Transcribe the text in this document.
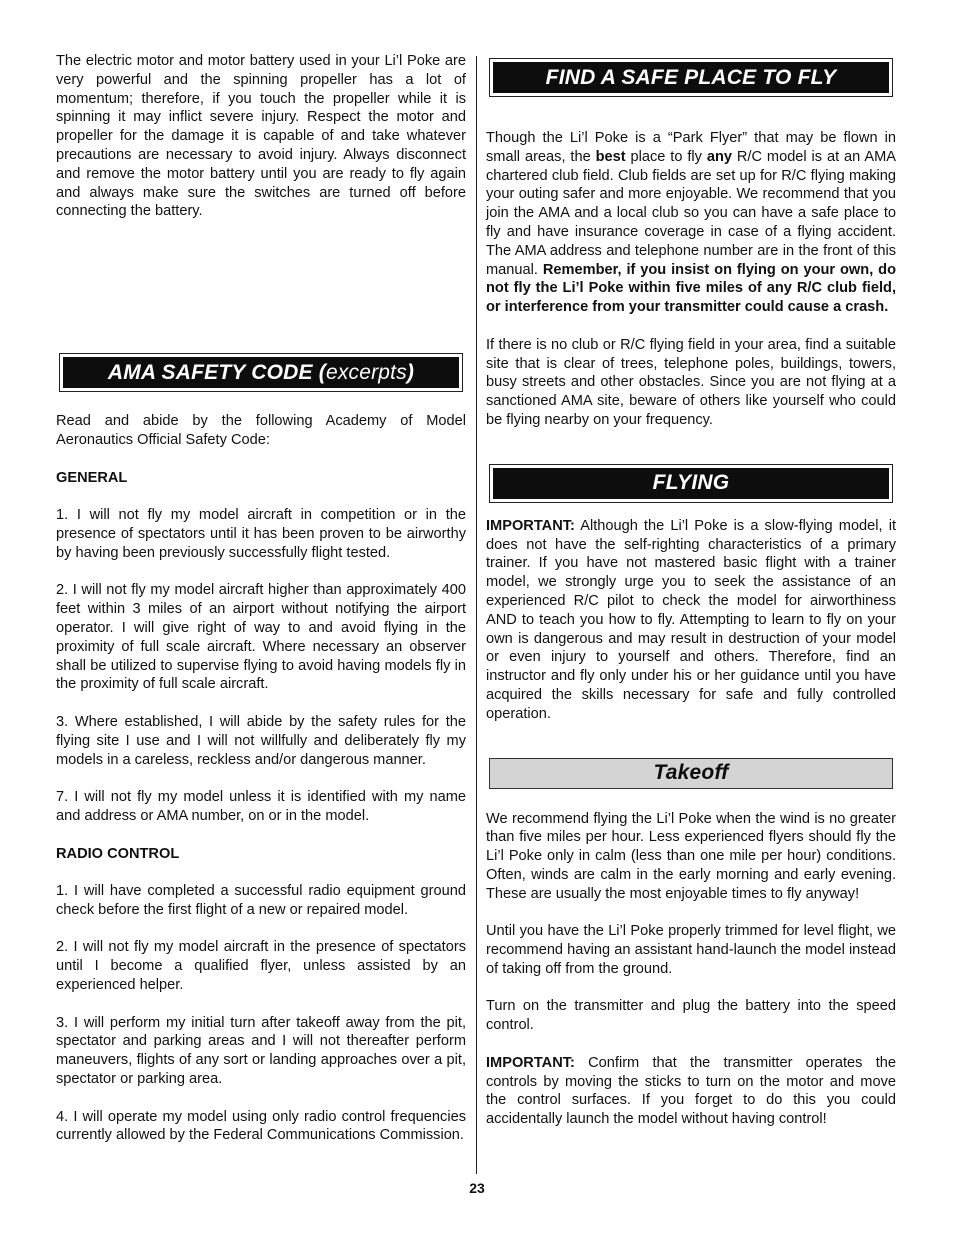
The electric motor and motor battery used in your Li’l Poke are very powerful and the spinning propeller has a lot of momentum; therefore, if you touch the propeller while it is spinning it may inflict severe injury. Respect the motor and propeller for the damage it is capable of and take whatever precautions are necessary to avoid injury. Always disconnect and remove the motor battery until you are ready to fly again and always make sure the switches are turned off before connecting the battery.

AMA SAFETY CODE ( excerpts )

Read and abide by the following Academy of Model Aeronautics Official Safety Code:

GENERAL

1. I will not fly my model aircraft in competition or in the presence of spectators until it has been proven to be airworthy by having been previously successfully flight tested.

2. I will not fly my model aircraft higher than approximately 400 feet within 3 miles of an airport without notifying the airport operator. I will give right of way to and avoid flying in the proximity of full scale aircraft. Where necessary an observer shall be utilized to supervise flying to avoid having models fly in the proximity of full scale aircraft.

3. Where established, I will abide by the safety rules for the flying site I use and I will not willfully and deliberately fly my models in a careless, reckless and/or dangerous manner.

7. I will not fly my model unless it is identified with my name and address or AMA number, on or in the model.

RADIO CONTROL

1. I will have completed a successful radio equipment ground check before the first flight of a new or repaired model.

2. I will not fly my model aircraft in the presence of spectators until I become a qualified flyer, unless assisted by an experienced helper.

3. I will perform my initial turn after takeoff away from the pit, spectator and parking areas and I will not thereafter perform maneuvers, flights of any sort or landing approaches over a pit, spectator or parking area.

4. I will operate my model using only radio control frequencies currently allowed by the Federal Communications Commission.

FIND A SAFE PLACE TO FLY

Though the Li’l Poke is a “Park Flyer” that may be flown in small areas, the best place to fly any R/C model is at an AMA chartered club field. Club fields are set up for R/C flying making your outing safer and more enjoyable. We recommend that you join the AMA and a local club so you can have a safe place to fly and have insurance coverage in case of a flying accident. The AMA address and telephone number are in the front of this manual. Remember, if you insist on flying on your own, do not fly the Li’l Poke within five miles of any R/C club field, or interference from your transmitter could cause a crash.

If there is no club or R/C flying field in your area, find a suitable site that is clear of trees, telephone poles, buildings, towers, busy streets and other obstacles. Since you are not flying at a sanctioned AMA site, beware of others like yourself who could be flying nearby on your frequency.

FLYING

IMPORTANT: Although the Li’l Poke is a slow-flying model, it does not have the self-righting characteristics of a primary trainer. If you have not mastered basic flight with a trainer model, we strongly urge you to seek the assistance of an experienced R/C pilot to check the model for airworthiness AND to teach you how to fly. Attempting to learn to fly on your own is dangerous and may result in destruction of your model or even injury to yourself and others. Therefore, find an instructor and fly only under his or her guidance until you have acquired the skills necessary for safe and fully controlled operation.

Takeoff

We recommend flying the Li’l Poke when the wind is no greater than five miles per hour. Less experienced flyers should fly the Li’l Poke only in calm (less than one mile per hour) conditions. Often, winds are calm in the early morning and early evening. These are usually the most enjoyable times to fly anyway!

Until you have the Li’l Poke properly trimmed for level flight, we recommend having an assistant hand-launch the model instead of taking off from the ground.

Turn on the transmitter and plug the battery into the speed control.

IMPORTANT: Confirm that the transmitter operates the controls by moving the sticks to turn on the motor and move the control surfaces. If you forget to do this you could accidentally launch the model without having control!

23
